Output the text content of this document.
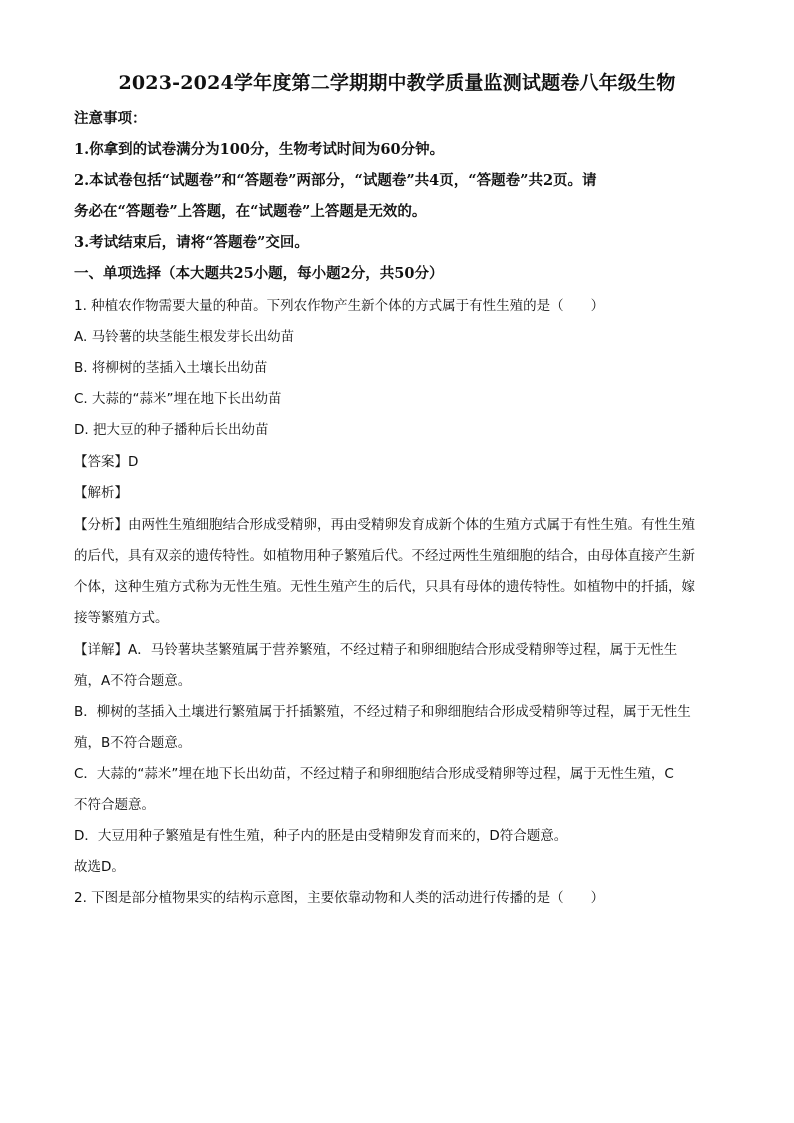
2023-2024学年度第二学期期中教学质量监测试题卷八年级生物
注意事项：
1.你拿到的试卷满分为100分，生物考试时间为60分钟。
2.本试卷包括“试题卷”和“答题卷”两部分，“试题卷”共4页，“答题卷”共2页。请
务必在“答题卷”上答题，在“试题卷”上答题是无效的。
3.考试结束后，请将“答题卷”交回。
一、单项选择（本大题共25小题，每小题2分，共50分）
1. 种植农作物需要大量的种苗。下列农作物产生新个体的方式属于有性生殖的是（　　）
A. 马铃薯的块茎能生根发芽长出幼苗
B. 将柳树的茎插入土壤长出幼苗
C. 大蒜的“蒜米”埋在地下长出幼苗
D. 把大豆的种子播种后长出幼苗
【答案】D
【解析】
【分析】由两性生殖细胞结合形成受精卵，再由受精卵发育成新个体的生殖方式属于有性生殖。有性生殖
的后代，具有双亲的遗传特性。如植物用种子繁殖后代。不经过两性生殖细胞的结合，由母体直接产生新
个体，这种生殖方式称为无性生殖。无性生殖产生的后代，只具有母体的遗传特性。如植物中的扦插，嫁
接等繁殖方式。
【详解】A．马铃薯块茎繁殖属于营养繁殖，不经过精子和卵细胞结合形成受精卵等过程，属于无性生
殖，A不符合题意。
B．柳树的茎插入土壤进行繁殖属于扦插繁殖，不经过精子和卵细胞结合形成受精卵等过程，属于无性生
殖，B不符合题意。
C．大蒜的“蒜米”埋在地下长出幼苗，不经过精子和卵细胞结合形成受精卵等过程，属于无性生殖，C
不符合题意。
D．大豆用种子繁殖是有性生殖，种子内的胚是由受精卵发育而来的，D符合题意。
故选D。
2. 下图是部分植物果实的结构示意图，主要依靠动物和人类的活动进行传播的是（　　）
